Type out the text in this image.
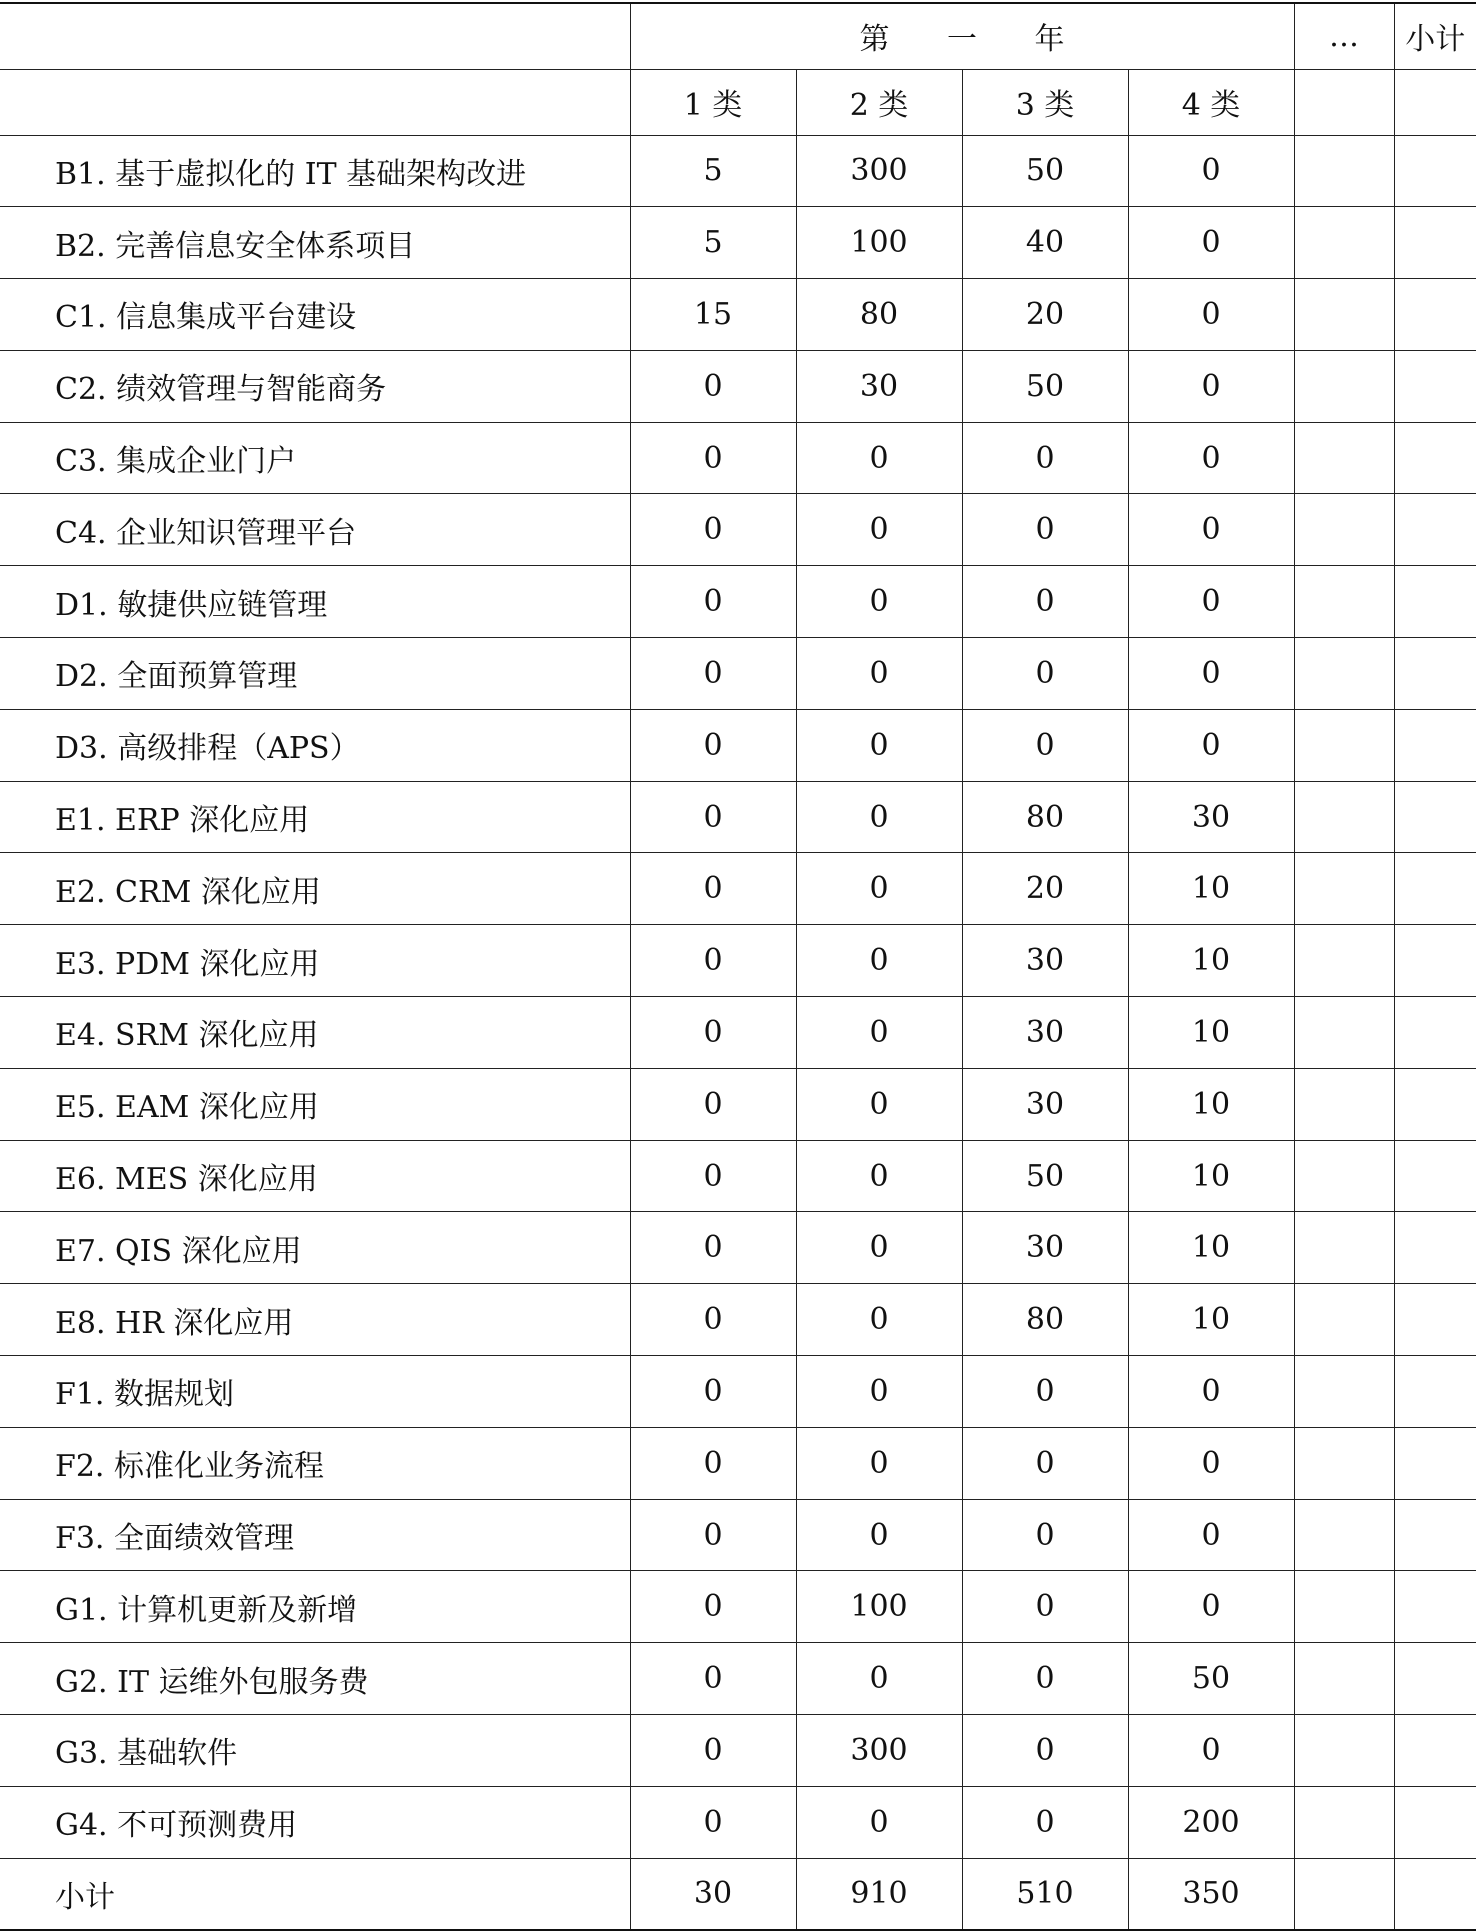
	第 一 年				…	小计
	1 类	2 类	3 类	4 类		
B1. 基于虚拟化的 IT 基础架构改进	5	300	50	0		
B2. 完善信息安全体系项目	5	100	40	0		
C1. 信息集成平台建设	15	80	20	0		
C2. 绩效管理与智能商务	0	30	50	0		
C3. 集成企业门户	0	0	0	0		
C4. 企业知识管理平台	0	0	0	0		
D1. 敏捷供应链管理	0	0	0	0		
D2. 全面预算管理	0	0	0	0		
D3. 高级排程（APS）	0	0	0	0		
E1. ERP 深化应用	0	0	80	30		
E2. CRM 深化应用	0	0	20	10		
E3. PDM 深化应用	0	0	30	10		
E4. SRM 深化应用	0	0	30	10		
E5. EAM 深化应用	0	0	30	10		
E6. MES 深化应用	0	0	50	10		
E7. QIS 深化应用	0	0	30	10		
E8. HR 深化应用	0	0	80	10		
F1. 数据规划	0	0	0	0		
F2. 标准化业务流程	0	0	0	0		
F3. 全面绩效管理	0	0	0	0		
G1. 计算机更新及新增	0	100	0	0		
G2. IT 运维外包服务费	0	0	0	50		
G3. 基础软件	0	300	0	0		
G4. 不可预测费用	0	0	0	200		
小计	30	910	510	350		
